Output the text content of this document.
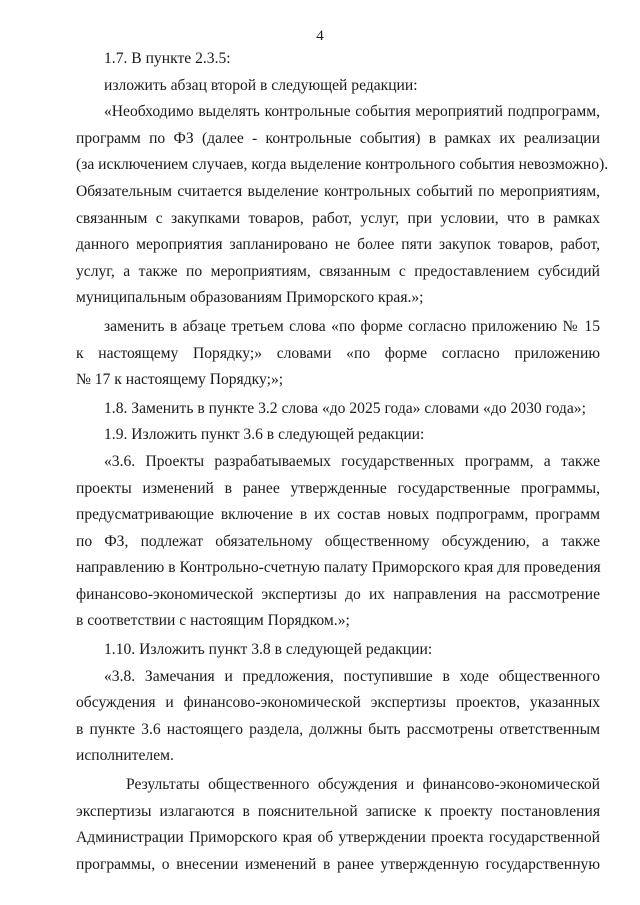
4

1.7. В пункте 2.3.5:

изложить абзац второй в следующей редакции:

«Необходимо выделять контрольные события мероприятий подпрограмм,
программ по ФЗ (далее - контрольные события) в рамках их реализации
(за исключением случаев, когда выделение контрольного события невозможно).
Обязательным считается выделение контрольных событий по мероприятиям,
связанным с закупками товаров, работ, услуг, при условии, что в рамках
данного мероприятия запланировано не более пяти закупок товаров, работ,
услуг, а также по мероприятиям, связанным с предоставлением субсидий
муниципальным образованиям Приморского края.»;

заменить в абзаце третьем слова «по форме согласно приложению № 15
к настоящему Порядку;» словами «по форме согласно приложению
№ 17 к настоящему Порядку;»;

1.8. Заменить в пункте 3.2 слова «до 2025 года» словами «до 2030 года»;

1.9. Изложить пункт 3.6 в следующей редакции:

«3.6. Проекты разрабатываемых государственных программ, а также
проекты изменений в ранее утвержденные государственные программы,
предусматривающие включение в их состав новых подпрограмм, программ
по ФЗ, подлежат обязательному общественному обсуждению, а также
направлению в Контрольно-счетную палату Приморского края для проведения
финансово-экономической экспертизы до их направления на рассмотрение
в соответствии с настоящим Порядком.»;

1.10. Изложить пункт 3.8 в следующей редакции:

«3.8. Замечания и предложения, поступившие в ходе общественного
обсуждения и финансово-экономической экспертизы проектов, указанных
в пункте 3.6 настоящего раздела, должны быть рассмотрены ответственным
исполнителем.

Результаты общественного обсуждения и финансово-экономической
экспертизы излагаются в пояснительной записке к проекту постановления
Администрации Приморского края об утверждении проекта государственной
программы, о внесении изменений в ранее утвержденную государственную
